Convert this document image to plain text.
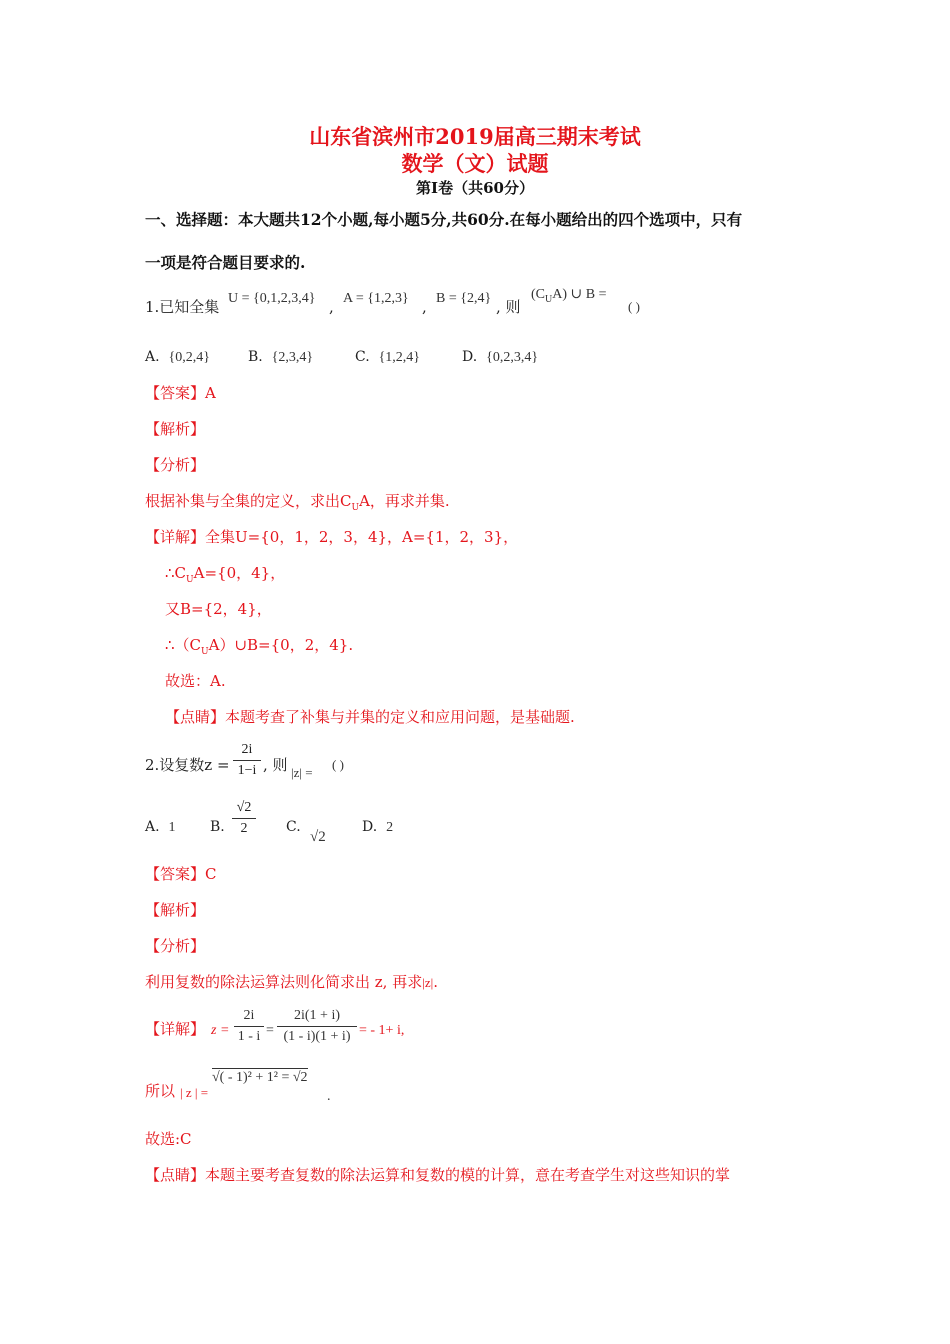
山东省滨州市2019届高三期末考试
数学（文）试题
第I卷（共60分）
一、选择题：本大题共12个小题,每小题5分,共60分.在每小题给出的四个选项中，只有
一项是符合题目要求的.
1.已知全集 U = {0,1,2,3,4} , A = {1,2,3} , B = {2,4} , 则
$(C_UA)$ ∪ B =
( )
A. {0,2,4}	B. {2,3,4}	C. {1,2,4}	D. {0,2,3,4}
【答案】A
【解析】
【分析】
根据补集与全集的定义，求出$C_UA$，再求并集.
【详解】全集U={0，1，2，3，4}，A={1，2，3}，
$\therefore C_UA=\{0$，4}，
又B={2，4}，
$\therefore(C_UA)\cup B=\{0$，2，4}.
故选：A.
【点睛】本题考查了补集与并集的定义和应用问题，是基础题.
2.设复数z =
2i
1−i , 则 |z| =
( )
A. 1 B.
√2
2	C.
√2
D. 2
【答案】C
【解析】
【分析】
利用复数的除法运算法则化简求出 z, 再求|z|.
【详解】 z =
2i
1 - i =
2i(1 + i)
(1 - i)(1 + i) = - 1+ i,
所以 | z | =
√( - 1)² + 1² = √2
.
故选:C
【点睛】本题主要考查复数的除法运算和复数的模的计算，意在考查学生对这些知识的掌
